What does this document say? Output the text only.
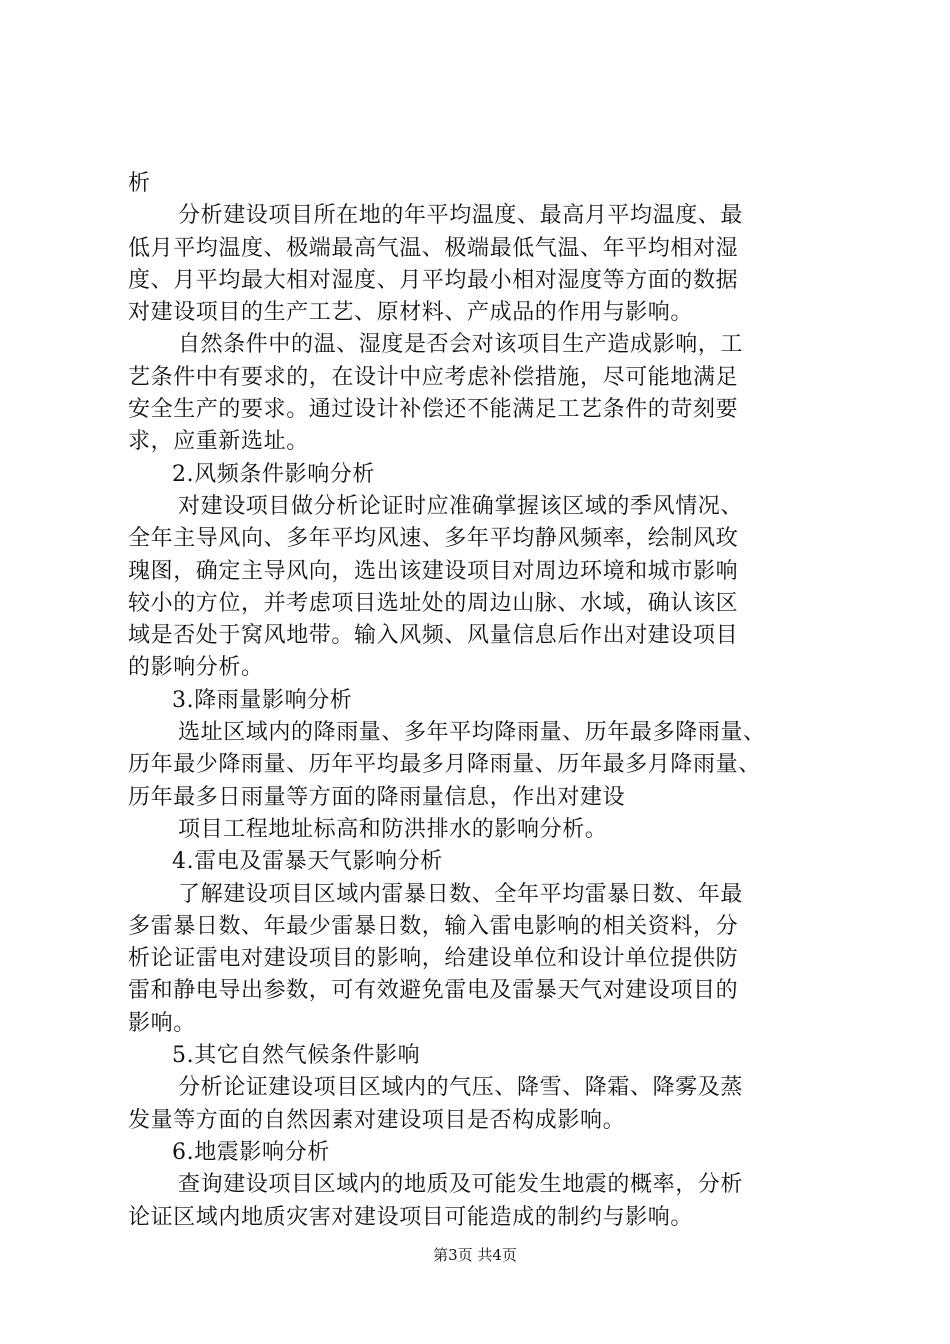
析
分析建设项目所在地的年平均温度、最高月平均温度、最
低月平均温度、极端最高气温、极端最低气温、年平均相对湿
度、月平均最大相对湿度、月平均最小相对湿度等方面的数据
对建设项目的生产工艺、原材料、产成品的作用与影响。
自然条件中的温、湿度是否会对该项目生产造成影响，工
艺条件中有要求的，在设计中应考虑补偿措施，尽可能地满足
安全生产的要求。通过设计补偿还不能满足工艺条件的苛刻要
求，应重新选址。
2.风频条件影响分析
对建设项目做分析论证时应准确掌握该区域的季风情况、
全年主导风向、多年平均风速、多年平均静风频率，绘制风玫
瑰图，确定主导风向，选出该建设项目对周边环境和城市影响
较小的方位，并考虑项目选址处的周边山脉、水域，确认该区
域是否处于窝风地带。输入风频、风量信息后作出对建设项目
的影响分析。
3.降雨量影响分析
选址区域内的降雨量、多年平均降雨量、历年最多降雨量、
历年最少降雨量、历年平均最多月降雨量、历年最多月降雨量、
历年最多日雨量等方面的降雨量信息，作出对建设
项目工程地址标高和防洪排水的影响分析。
4.雷电及雷暴天气影响分析
了解建设项目区域内雷暴日数、全年平均雷暴日数、年最
多雷暴日数、年最少雷暴日数，输入雷电影响的相关资料，分
析论证雷电对建设项目的影响，给建设单位和设计单位提供防
雷和静电导出参数，可有效避免雷电及雷暴天气对建设项目的
影响。
5.其它自然气候条件影响
分析论证建设项目区域内的气压、降雪、降霜、降雾及蒸
发量等方面的自然因素对建设项目是否构成影响。
6.地震影响分析
查询建设项目区域内的地质及可能发生地震的概率，分析
论证区域内地质灾害对建设项目可能造成的制约与影响。
第3页 共4页
